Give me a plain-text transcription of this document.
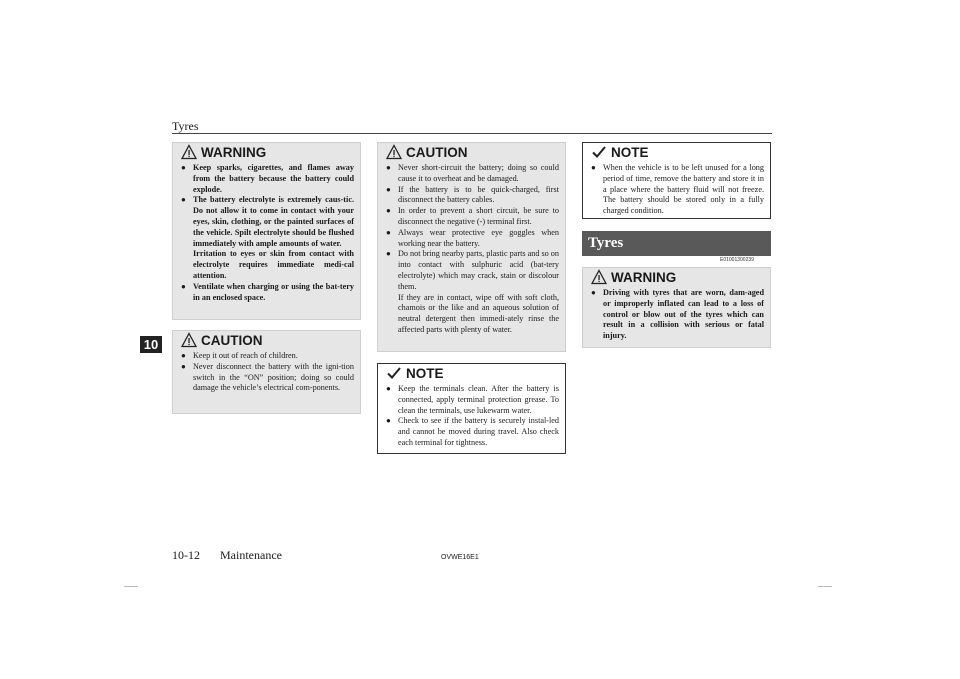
Tyres
10
WARNING
● Keep sparks, cigarettes, and flames away from the battery because the battery could explode.
● The battery electrolyte is extremely caus-tic. Do not allow it to come in contact with your eyes, skin, clothing, or the painted surfaces of the vehicle. Spilt electrolyte should be flushed immediately with ample amounts of water.
Irritation to eyes or skin from contact with electrolyte requires immediate medi-cal attention.
● Ventilate when charging or using the bat-tery in an enclosed space.
CAUTION
● Keep it out of reach of children.
● Never disconnect the battery with the igni-tion switch in the “ON” position; doing so could damage the vehicle’s electrical com-ponents.
CAUTION
● Never short-circuit the battery; doing so could cause it to overheat and be damaged.
● If the battery is to be quick-charged, first disconnect the battery cables.
● In order to prevent a short circuit, be sure to disconnect the negative (-) terminal first.
● Always wear protective eye goggles when working near the battery.
● Do not bring nearby parts, plastic parts and so on into contact with sulphuric acid (bat-tery electrolyte) which may crack, stain or discolour them.
If they are in contact, wipe off with soft cloth, chamois or the like and an aqueous solution of neutral detergent then immedi-ately rinse the affected parts with plenty of water.
NOTE
● Keep the terminals clean. After the battery is connected, apply terminal protection grease. To clean the terminals, use lukewarm water.
● Check to see if the battery is securely instal-led and cannot be moved during travel. Also check each terminal for tightness.
NOTE
● When the vehicle is to be left unused for a long period of time, remove the battery and store it in a place where the battery fluid will not freeze. The battery should be stored only in a fully charged condition.
Tyres
E01001300239
WARNING
● Driving with tyres that are worn, dam-aged or improperly inflated can lead to a loss of control or blow out of the tyres which can result in a collision with serious or fatal injury.
10-12 Maintenance	OVWE16E1
